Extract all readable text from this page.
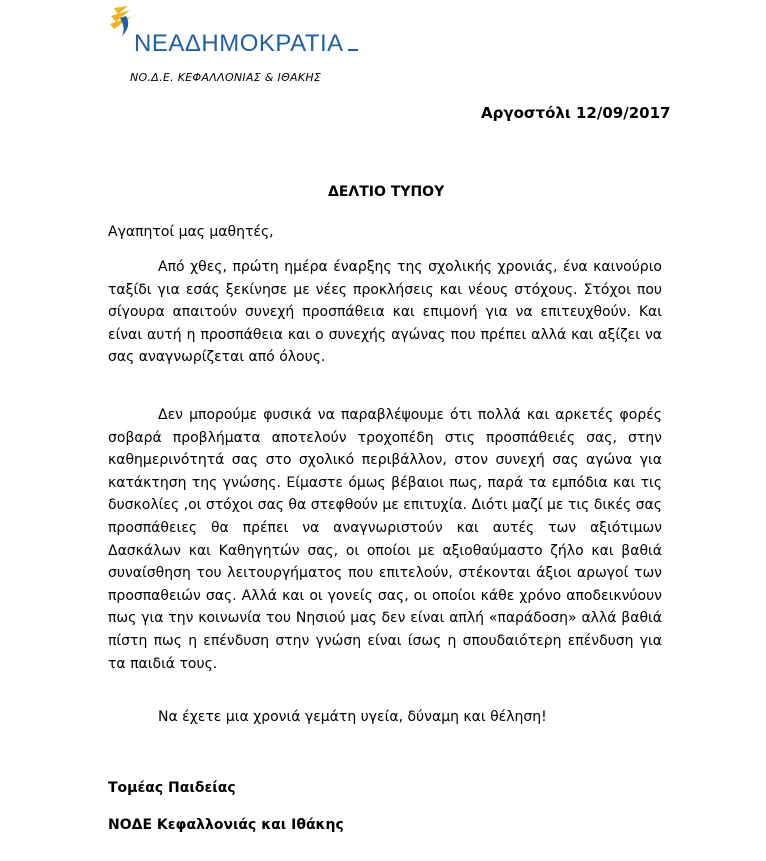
ΝΕΑΔΗΜΟΚΡΑΤΙΑ
ΝΟ.Δ.Ε. ΚΕΦΑΛΛΟΝΙΑΣ & ΙΘΑΚΗΣ
Αργοστόλι 12/09/2017
ΔΕΛΤΙΟ ΤΥΠΟΥ
Αγαπητοί μας μαθητές,

Από χθες, πρώτη ημέρα έναρξης της σχολικής χρονιάς, ένα καινούριο ταξίδι για εσάς ξεκίνησε με νέες προκλήσεις και νέους στόχους. Στόχοι που σίγουρα απαιτούν συνεχή προσπάθεια και επιμονή για να επιτευχθούν. Και είναι αυτή η προσπάθεια και ο συνεχής αγώνας που πρέπει αλλά και αξίζει να σας αναγνωρίζεται από όλους.

Δεν μπορούμε φυσικά να παραβλέψουμε ότι πολλά και αρκετές φορές σοβαρά προβλήματα αποτελούν τροχοπέδη στις προσπάθειές σας, στην καθημερινότητά σας στο σχολικό περιβάλλον, στον συνεχή σας αγώνα για κατάκτηση της γνώσης. Είμαστε όμως βέβαιοι πως, παρά τα εμπόδια και τις δυσκολίες ,οι στόχοι σας θα στεφθούν με επιτυχία. Διότι μαζί με τις δικές σας προσπάθειες θα πρέπει να αναγνωριστούν και αυτές των αξιότιμων Δασκάλων και Καθηγητών σας, οι οποίοι με αξιοθαύμαστο ζήλο και βαθιά συναίσθηση του λειτουργήματος που επιτελούν, στέκονται άξιοι αρωγοί των προσπαθειών σας. Αλλά και οι γονείς σας, οι οποίοι κάθε χρόνο αποδεικνύουν πως για την κοινωνία του Νησιού μας δεν είναι απλή «παράδοση» αλλά βαθιά πίστη πως η επένδυση στην γνώση είναι ίσως η σπουδαιότερη επένδυση για τα παιδιά τους.

Να έχετε μια χρονιά γεμάτη υγεία, δύναμη και θέληση!
Τομέας Παιδείας
ΝΟΔΕ Κεφαλλονιάς και Ιθάκης
